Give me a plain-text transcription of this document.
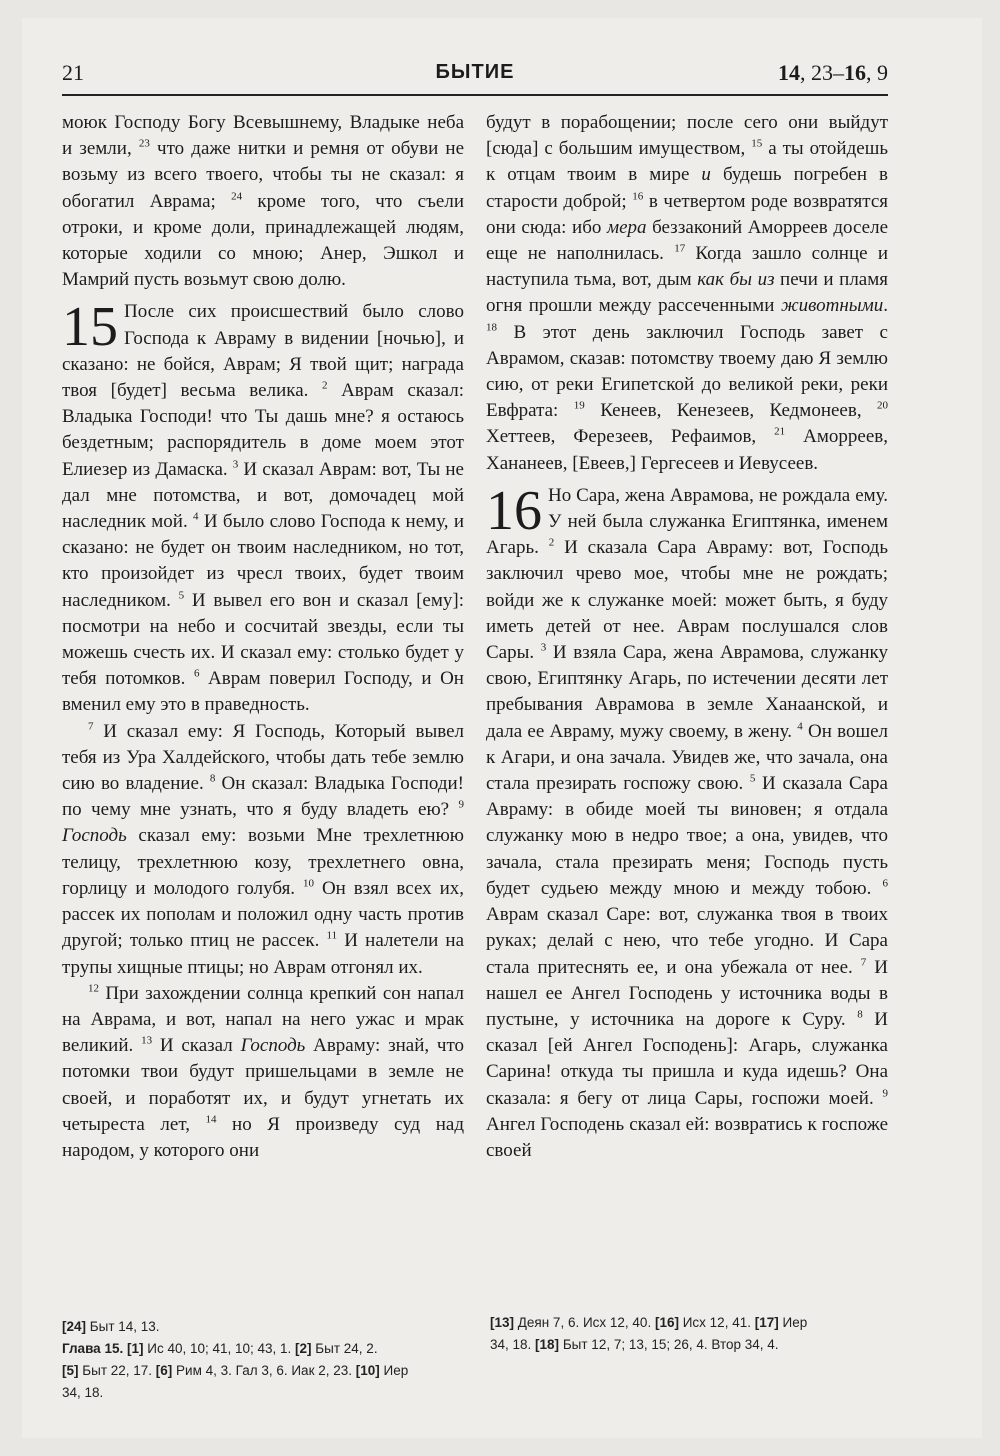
21	БЫТИЕ	14, 23–16, 9

моюк Господу Богу Всевышнему, Владыке неба и земли, $^{23}$ что даже нитки и ремня от обуви не возьму из всего твоего, чтобы ты не сказал: я обогатил Аврама; $^{24}$ кроме того, что съели отроки, и кроме доли, принадлежащей людям, которые ходили со мною; Анер, Эшкол и Мамрий пусть возьмут свою долю.

15 После сих происшествий было слово Господа к Авраму в видении [ночью], и сказано: не бойся, Аврам; Я твой щит; награда твоя [будет] весьма велика. $^2$ Аврам сказал: Владыка Господи! что Ты дашь мне? я остаюсь бездетным; распорядитель в доме моем этот Елиезер из Дамаска. $^3$ И сказал Аврам: вот, Ты не дал мне потомства, и вот, домочадец мой наследник мой. $^4$ И было слово Господа к нему, и сказано: не будет он твоим наследником, но тот, кто произойдет из чресл твоих, будет твоим наследником. $^5$ И вывел его вон и сказал [ему]: посмотри на небо и сосчитай звезды, если ты можешь счесть их. И сказал ему: столько будет у тебя потомков. $^6$ Аврам поверил Господу, и Он вменил ему это в праведность.

$^7$ И сказал ему: Я Господь, Который вывел тебя из Ура Халдейского, чтобы дать тебе землю сию во владение. $^8$ Он сказал: Владыка Господи! по чему мне узнать, что я буду владеть ею? $^9$ Господь сказал ему: возьми Мне трехлетнюю телицу, трехлетнюю козу, трехлетнего овна, горлицу и молодого голубя. $^{10}$ Он взял всех их, рассек их пополам и положил одну часть против другой; только птиц не рассек. $^{11}$ И налетели на трупы хищные птицы; но Аврам отгонял их.

$^{12}$ При захождении солнца крепкий сон напал на Аврама, и вот, напал на него ужас и мрак великий. $^{13}$ И сказал Господь Авраму: знай, что потомки твои будут пришельцами в земле не своей, и поработят их, и будут угнетать их четыреста лет, $^{14}$ но Я произведу суд над народом, у которого они

будут в порабощении; после сего они выйдут [сюда] с большим имуществом, $^{15}$ а ты отойдешь к отцам твоим в мире и будешь погребен в старости доброй; $^{16}$ в четвертом роде возвратятся они сюда: ибо мера беззаконий Аморреев доселе еще не наполнилась. $^{17}$ Когда зашло солнце и наступила тьма, вот, дым как бы из печи и пламя огня прошли между рассеченными животными. $^{18}$ В этот день заключил Господь завет с Аврамом, сказав: потомству твоему даю Я землю сию, от реки Египетской до великой реки, реки Евфрата: $^{19}$ Кенеев, Кенезеев, Кедмонеев, $^{20}$ Хеттеев, Ферезеев, Рефаимов, $^{21}$ Аморреев, Хананеев, [Евеев,] Гергесеев и Иевусеев.

16 Но Сара, жена Аврамова, не рождала ему. У ней была служанка Египтянка, именем Агарь. $^2$ И сказала Сара Авраму: вот, Господь заключил чрево мое, чтобы мне не рождать; войди же к служанке моей: может быть, я буду иметь детей от нее. Аврам послушался слов Сары. $^3$ И взяла Сара, жена Аврамова, служанку свою, Египтянку Агарь, по истечении десяти лет пребывания Аврамова в земле Ханаанской, и дала ее Авраму, мужу своему, в жену. $^4$ Он вошел к Агари, и она зачала. Увидев же, что зачала, она стала презирать госпожу свою. $^5$ И сказала Сара Авраму: в обиде моей ты виновен; я отдала служанку мою в недро твое; а она, увидев, что зачала, стала презирать меня; Господь пусть будет судьею между мною и между тобою. $^6$ Аврам сказал Саре: вот, служанка твоя в твоих руках; делай с нею, что тебе угодно. И Сара стала притеснять ее, и она убежала от нее. $^7$ И нашел ее Ангел Господень у источника воды в пустыне, у источника на дороге к Суру. $^8$ И сказал [ей Ангел Господень]: Агарь, служанка Сарина! откуда ты пришла и куда идешь? Она сказала: я бегу от лица Сары, госпожи моей. $^9$ Ангел Господень сказал ей: возвратись к госпоже своей

[24] Быт 14, 13.
Глава 15. [1] Ис 40, 10; 41, 10; 43, 1. [2] Быт 24, 2.
[5] Быт 22, 17. [6] Рим 4, 3. Гал 3, 6. Иак 2, 23. [10] Иер
34, 18.
[13] Деян 7, 6. Исх 12, 40. [16] Исх 12, 41. [17] Иер
34, 18. [18] Быт 12, 7; 13, 15; 26, 4. Втор 34, 4.
